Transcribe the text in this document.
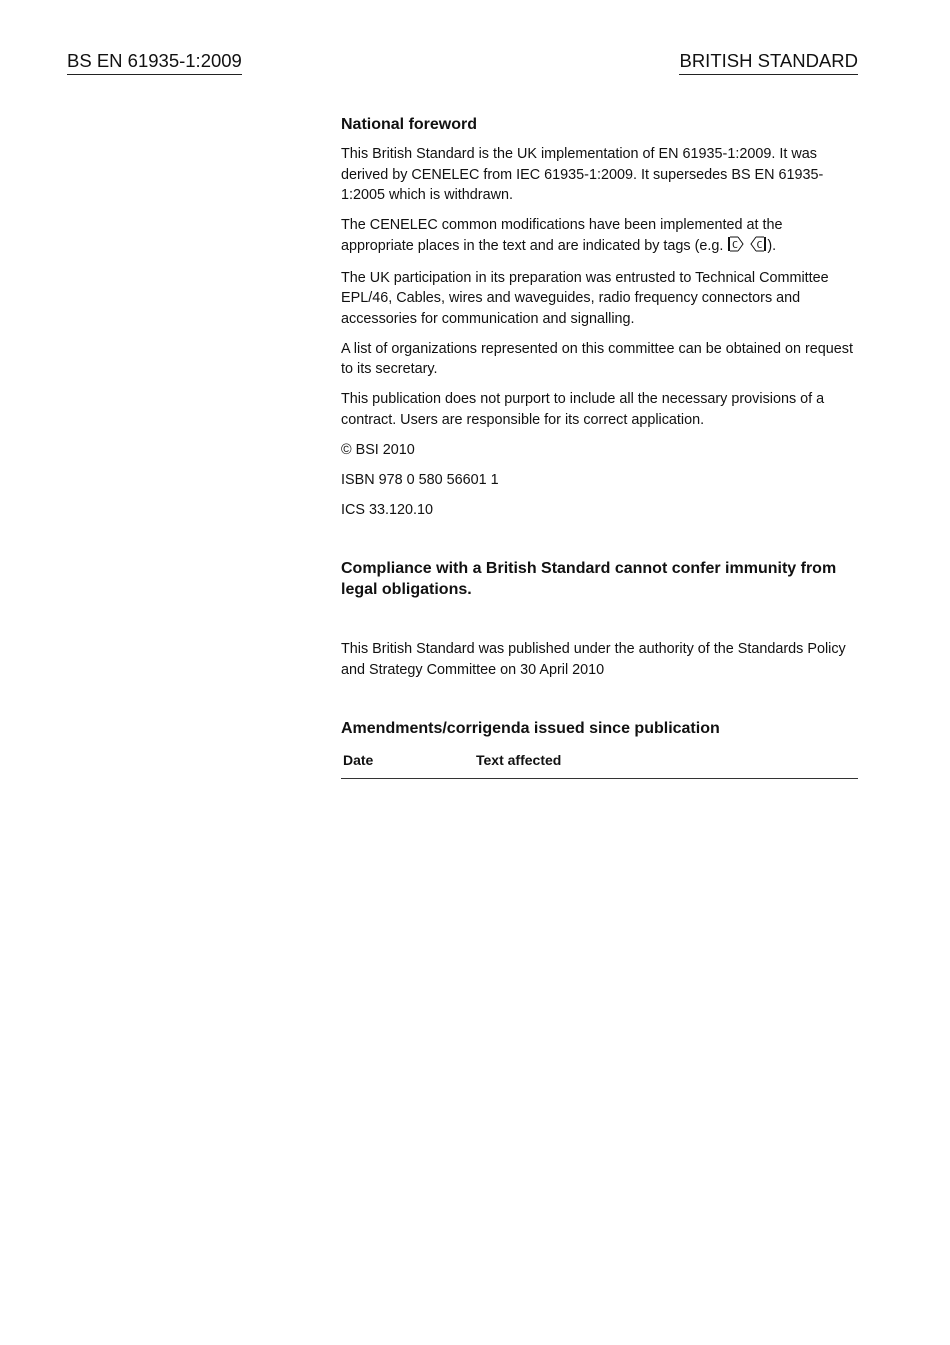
BS EN 61935-1:2009	BRITISH STANDARD
National foreword

This British Standard is the UK implementation of EN 61935-1:2009. It was derived by CENELEC from IEC 61935-1:2009. It supersedes BS EN 61935-1:2005 which is withdrawn.

The CENELEC common modifications have been implemented at the appropriate places in the text and are indicated by tags (e.g. C
C ).

The UK participation in its preparation was entrusted to Technical Committee EPL/46, Cables, wires and waveguides, radio frequency connectors and accessories for communication and signalling.

A list of organizations represented on this committee can be obtained on request to its secretary.

This publication does not purport to include all the necessary provisions of a contract. Users are responsible for its correct application.

© BSI 2010

ISBN 978 0 580 56601 1

ICS 33.120.10

Compliance with a British Standard cannot confer immunity from legal obligations.
This British Standard was published under the authority of the Standards Policy and Strategy Committee on 30 April 2010
Amendments/corrigenda issued since publication
Date	Text affected
